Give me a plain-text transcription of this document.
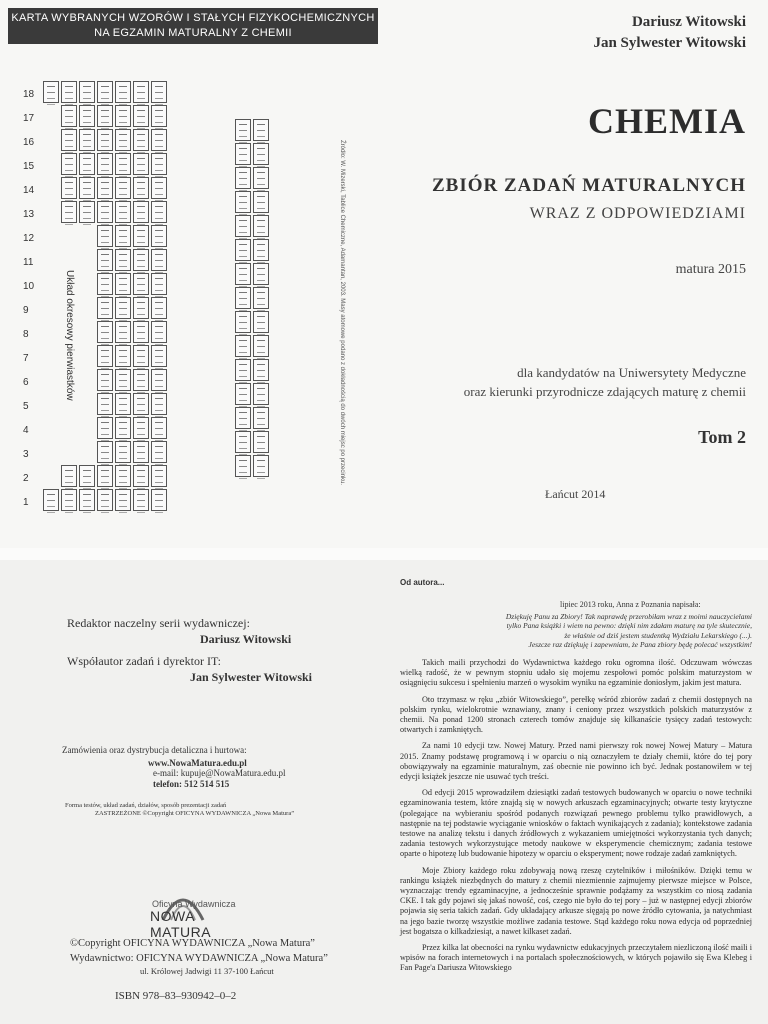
KARTA WYBRANYCH WZORÓW I STAŁYCH FIZYKOCHEMICZNYCH
NA EGZAMIN MATURALNY Z CHEMII
Układ okresowy pierwiastków
1
2
3
4
5
6
7
8
9
10
11
12
13
14
15
16
17
18
Źródło: W. Mizerski, Tablice Chemiczne, Adamantan, 2003. Masy atomowe podano z dokładnością do dwóch miejsc po przecinku.
Dariusz Witowski
Jan Sylwester Witowski
CHEMIA
ZBIÓR ZADAŃ MATURALNYCH
WRAZ Z ODPOWIEDZIAMI
matura 2015
dla kandydatów na Uniwersytety Medyczne
oraz kierunki przyrodnicze zdających maturę z chemii
Tom 2
Łańcut 2014
Redaktor naczelny serii wydawniczej:
Dariusz Witowski
Współautor zadań i dyrektor IT:
Jan Sylwester Witowski
Zamówienia oraz dystrybucja detaliczna i hurtowa:
www.NowaMatura.edu.pl
e-mail: kupuje@NowaMatura.edu.pl
telefon: 512 514 515
Forma testów, układ zadań, działów, sposób prezentacji zadań
ZASTRZEŻONE ©Copyright OFICYNA WYDAWNICZA „Nowa Matura”
Oficyna Wydawnicza
NOWA MATURA
©Copyright OFICYNA WYDAWNICZA „Nowa Matura”
Wydawnictwo: OFICYNA WYDAWNICZA „Nowa Matura”
ul. Królowej Jadwigi 11 37-100 Łańcut
ISBN 978–83–930942–0–2
Od autora...
lipiec 2013 roku, Anna z Poznania napisała:
Dziękuję Panu za Zbiory! Tak naprawdę przerobiłam wraz z moimi nauczycielami
tylko Pana książki i wiem na pewno: dzięki nim zdałam maturę na tyle skutecznie,
że właśnie od dziś jestem studentką Wydziału Lekarskiego (...).
Jeszcze raz dziękuję i zapewniam, że Pana zbiory będę polecać wszystkim!

Takich maili przychodzi do Wydawnictwa każdego roku ogromna ilość. Odczuwam wówczas wielką radość, że w pewnym stopniu udało się mojemu zespołowi pomóc polskim maturzystom w osiągnięciu sukcesu i spełnieniu marzeń o wysokim wyniku na egzaminie doniosłym, jakim jest matura.

Oto trzymasz w ręku „zbiór Witowskiego”, perełkę wśród zbiorów zadań z chemii dostępnych na polskim rynku, wielokrotnie wznawiany, znany i ceniony przez wszystkich polskich maturzystów z chemii. Na ponad 1200 stronach czterech tomów znajduje się kilkanaście tysięcy zadań testowych: otwartych i zamkniętych.

Za nami 10 edycji tzw. Nowej Matury. Przed nami pierwszy rok nowej Nowej Matury – Matura 2015. Znamy podstawę programową i w oparciu o nią oznaczyłem te działy chemii, które do tej pory obowiązywały na egzaminie maturalnym, zaś obecnie nie powinno ich być. Jednak postanowiłem w tej edycji książek jeszcze nie usuwać tych treści.

Od edycji 2015 wprowadziłem dziesiątki zadań testowych budowanych w oparciu o nowe techniki egzaminowania testem, które znajdą się w nowych arkuszach egzaminacyjnych; otwarte testy krytyczne (polegające na wybieraniu spośród podanych rozwiązań pewnego problemu tylko prawidłowych, a następnie na tej podstawie wyciąganie wniosków o faktach wynikających z zadania); kontekstowe zadania testowe na analizę tekstu i danych źródłowych z wykazaniem umiejętności wykorzystania tych danych; zadania testowych wykorzystujące metody naukowe w eksperymencie chemicznym; zadania testowe oparte o hipotezę lub budowanie hipotezy w oparciu o eksperyment; nowe rodzaje zadań zamkniętych.

Moje Zbiory każdego roku zdobywają nową rzeszę czytelników i miłośników. Dzięki temu w rankingu książek niezbędnych do matury z chemii niezmiennie zajmujemy pierwsze miejsce w Polsce, wyznaczając trendy egzaminacyjne, a jednocześnie sprawnie podążamy za wszystkim co niosą zadania CKE. I tak gdy pojawi się jakaś nowość, coś, czego nie było do tej pory – już w następnej edycji zbiorów pojawia się seria takich zadań. Gdy układający arkusze sięgają po nowe źródło cytowania, ja natychmiast na jego bazie tworzę wszystkie możliwe zadania testowe. Stąd każdego roku nowa edycja od poprzedniej jest bogatsza o kilkadziesiąt, a nawet kilkaset zadań.

Przez kilka lat obecności na rynku wydawnictw edukacyjnych przeczytałem niezliczoną ilość maili i wpisów na forach internetowych i na portalach społecznościowych, w których pojawiło się Ewa Klebeg i Fan Page'a Dariusza Witowskiego
